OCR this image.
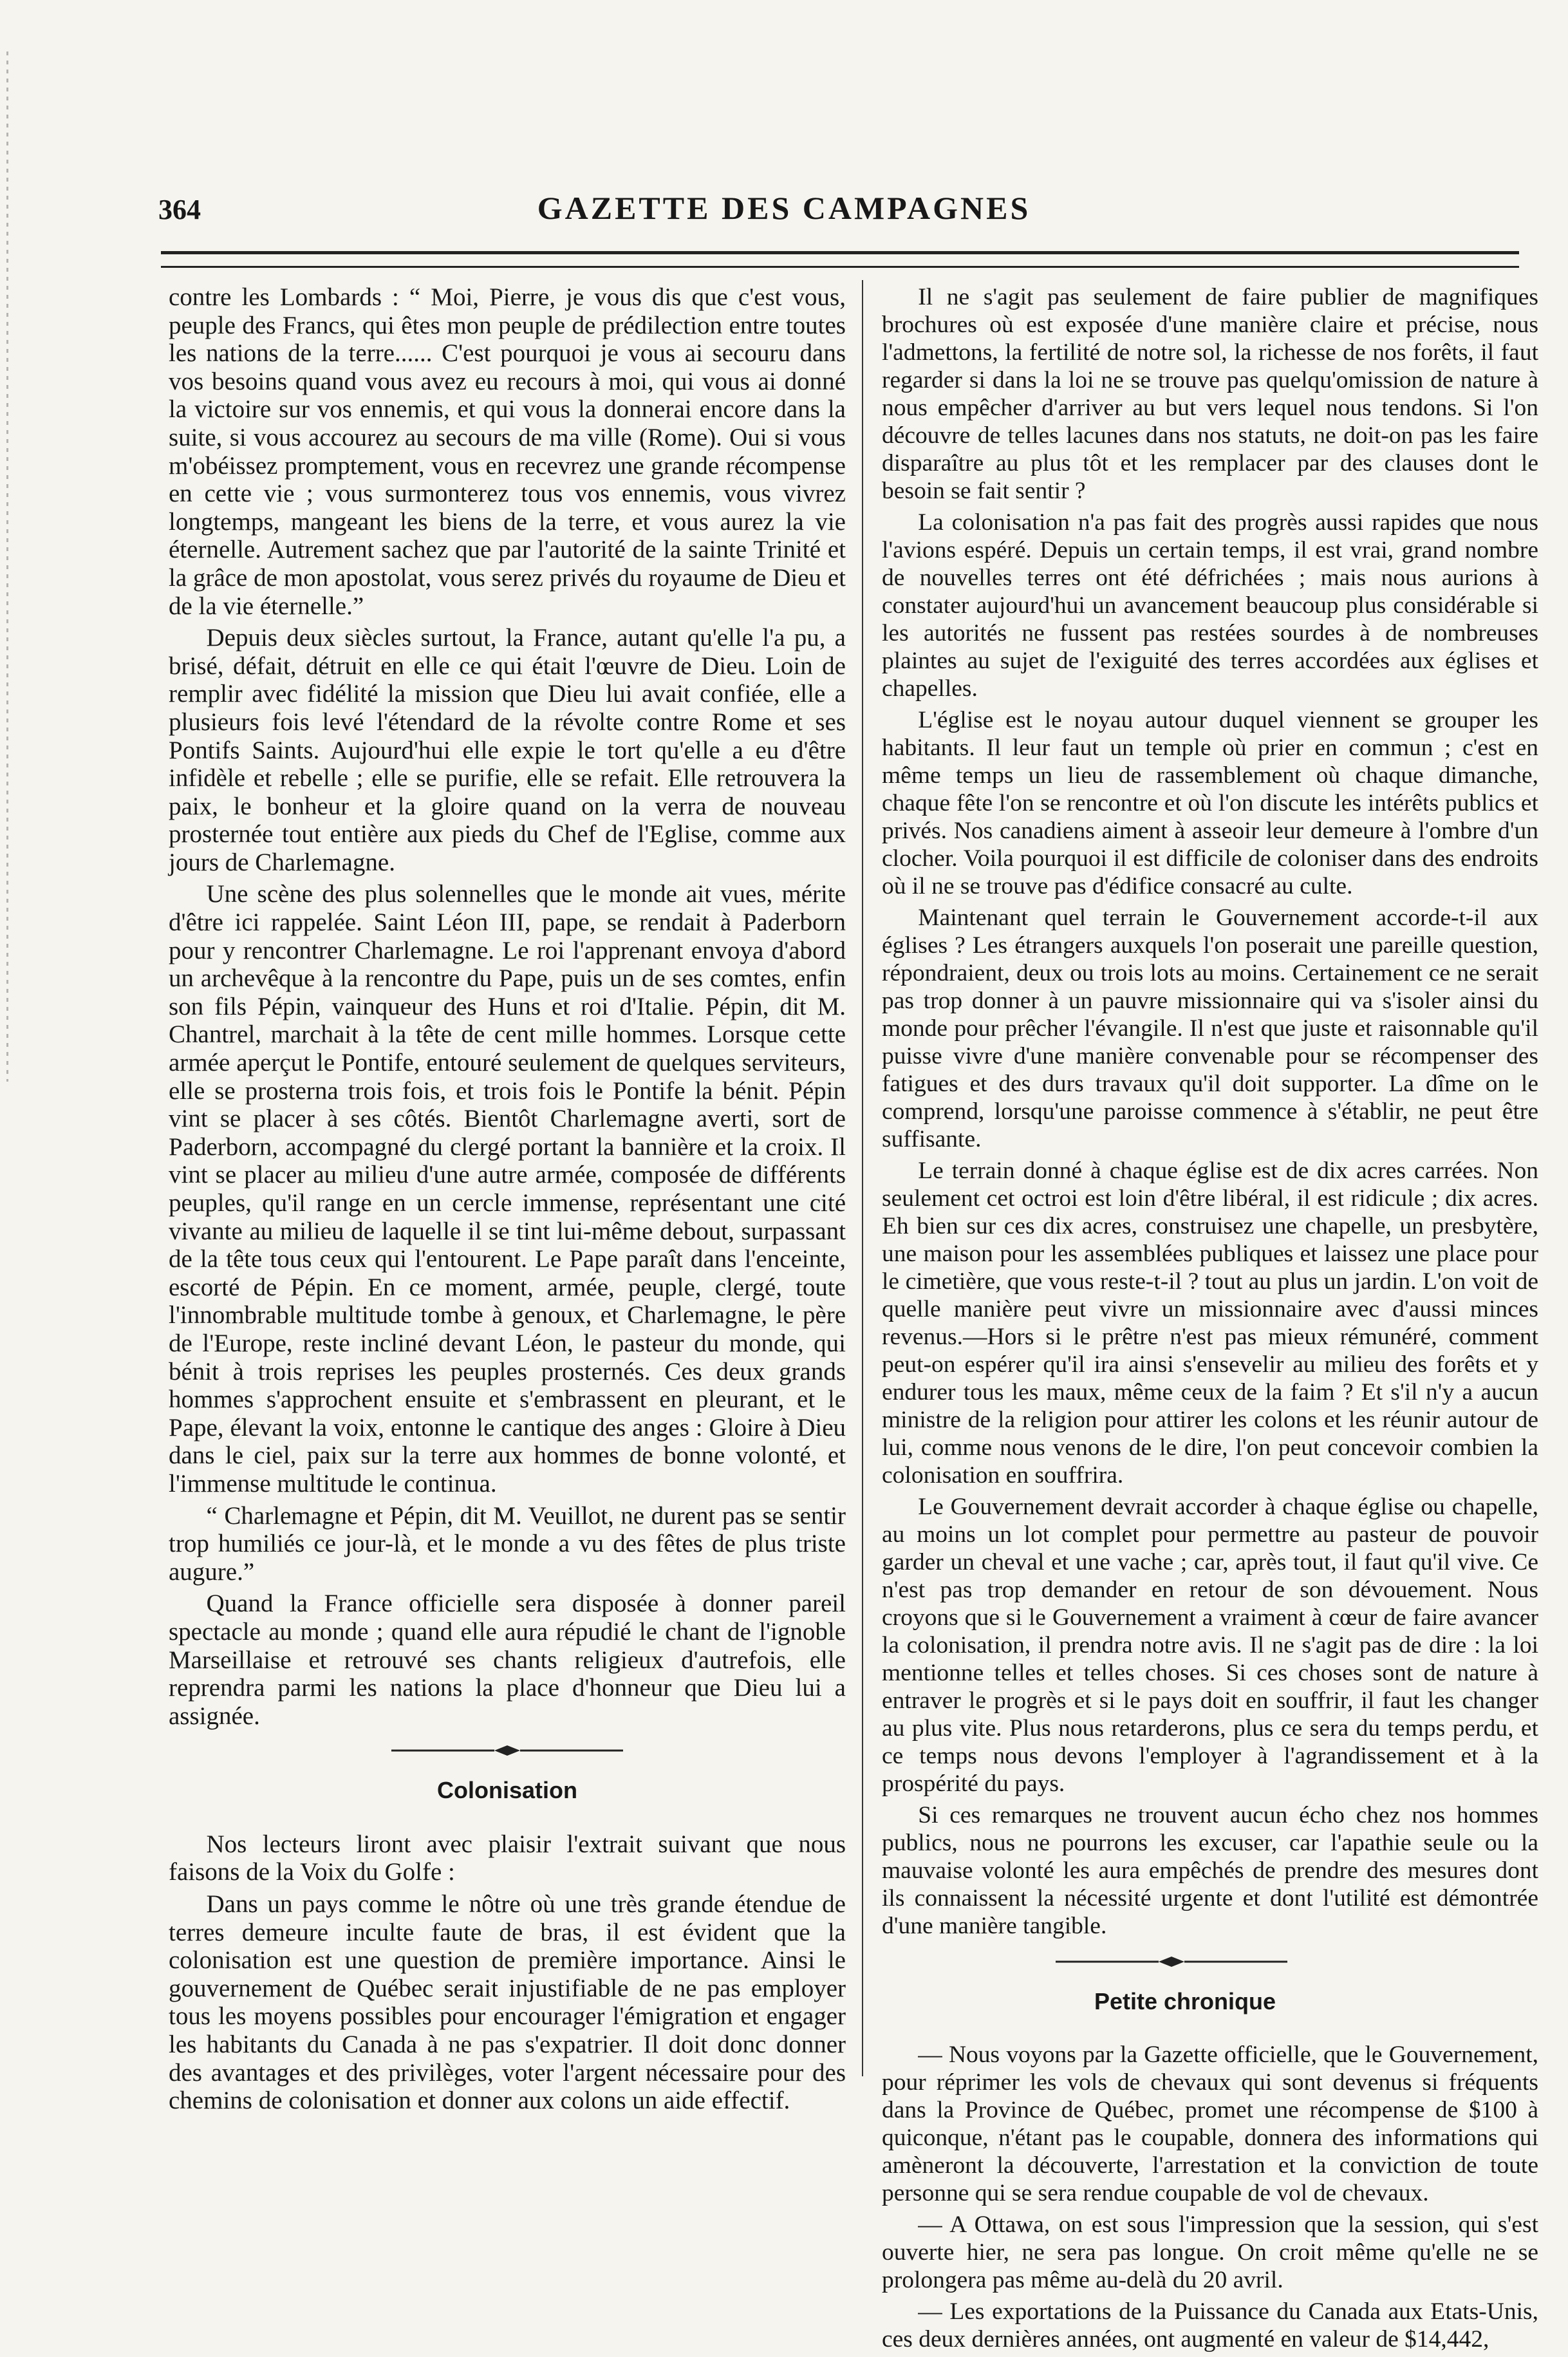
364	GAZETTE DES CAMPAGNES

contre les Lombards : “ Moi, Pierre, je vous dis que c'est vous, peuple des Francs, qui êtes mon peuple de prédilection entre toutes les nations de la terre...... C'est pourquoi je vous ai secouru dans vos besoins quand vous avez eu recours à moi, qui vous ai donné la victoire sur vos ennemis, et qui vous la donnerai encore dans la suite, si vous accourez au secours de ma ville (Rome). Oui si vous m'obéissez promptement, vous en recevrez une grande récompense en cette vie ; vous surmonterez tous vos ennemis, vous vivrez longtemps, mangeant les biens de la terre, et vous aurez la vie éternelle. Autrement sachez que par l'autorité de la sainte Trinité et la grâce de mon apostolat, vous serez privés du royaume de Dieu et de la vie éternelle.”

Depuis deux siècles surtout, la France, autant qu'elle l'a pu, a brisé, défait, détruit en elle ce qui était l'œuvre de Dieu. Loin de remplir avec fidélité la mission que Dieu lui avait confiée, elle a plusieurs fois levé l'étendard de la révolte contre Rome et ses Pontifs Saints. Aujourd'hui elle expie le tort qu'elle a eu d'être infidèle et rebelle ; elle se purifie, elle se refait. Elle retrouvera la paix, le bonheur et la gloire quand on la verra de nouveau prosternée tout entière aux pieds du Chef de l'Eglise, comme aux jours de Charlemagne.

Une scène des plus solennelles que le monde ait vues, mérite d'être ici rappelée. Saint Léon III, pape, se rendait à Paderborn pour y rencontrer Charlemagne. Le roi l'apprenant envoya d'abord un archevêque à la rencontre du Pape, puis un de ses comtes, enfin son fils Pépin, vainqueur des Huns et roi d'Italie. Pépin, dit M. Chantrel, marchait à la tête de cent mille hommes. Lorsque cette armée aperçut le Pontife, entouré seulement de quelques serviteurs, elle se prosterna trois fois, et trois fois le Pontife la bénit. Pépin vint se placer à ses côtés. Bientôt Charlemagne averti, sort de Paderborn, accompagné du clergé portant la bannière et la croix. Il vint se placer au milieu d'une autre armée, composée de différents peuples, qu'il range en un cercle immense, représentant une cité vivante au milieu de laquelle il se tint lui-même debout, surpassant de la tête tous ceux qui l'entourent. Le Pape paraît dans l'enceinte, escorté de Pépin. En ce moment, armée, peuple, clergé, toute l'innombrable multitude tombe à genoux, et Charlemagne, le père de l'Europe, reste incliné devant Léon, le pasteur du monde, qui bénit à trois reprises les peuples prosternés. Ces deux grands hommes s'approchent ensuite et s'embrassent en pleurant, et le Pape, élevant la voix, entonne le cantique des anges : Gloire à Dieu dans le ciel, paix sur la terre aux hommes de bonne volonté, et l'immense multitude le continua.

“ Charlemagne et Pépin, dit M. Veuillot, ne durent pas se sentir trop humiliés ce jour-là, et le monde a vu des fêtes de plus triste augure.”

Quand la France officielle sera disposée à donner pareil spectacle au monde ; quand elle aura répudié le chant de l'ignoble Marseillaise et retrouvé ses chants religieux d'autrefois, elle reprendra parmi les nations la place d'honneur que Dieu lui a assignée.

Colonisation

Nos lecteurs liront avec plaisir l'extrait suivant que nous faisons de la Voix du Golfe :

Dans un pays comme le nôtre où une très grande étendue de terres demeure inculte faute de bras, il est évident que la colonisation est une question de première importance. Ainsi le gouvernement de Québec serait injustifiable de ne pas employer tous les moyens possibles pour encourager l'émigration et engager les habitants du Canada à ne pas s'expatrier. Il doit donc donner des avantages et des privilèges, voter l'argent nécessaire pour des chemins de colonisation et donner aux colons un aide effectif.

Il ne s'agit pas seulement de faire publier de magnifiques brochures où est exposée d'une manière claire et précise, nous l'admettons, la fertilité de notre sol, la richesse de nos forêts, il faut regarder si dans la loi ne se trouve pas quelqu'omission de nature à nous empêcher d'arriver au but vers lequel nous tendons. Si l'on découvre de telles lacunes dans nos statuts, ne doit-on pas les faire disparaître au plus tôt et les remplacer par des clauses dont le besoin se fait sentir ?

La colonisation n'a pas fait des progrès aussi rapides que nous l'avions espéré. Depuis un certain temps, il est vrai, grand nombre de nouvelles terres ont été défrichées ; mais nous aurions à constater aujourd'hui un avancement beaucoup plus considérable si les autorités ne fussent pas restées sourdes à de nombreuses plaintes au sujet de l'exiguité des terres accordées aux églises et chapelles.

L'église est le noyau autour duquel viennent se grouper les habitants. Il leur faut un temple où prier en commun ; c'est en même temps un lieu de rassemblement où chaque dimanche, chaque fête l'on se rencontre et où l'on discute les intérêts publics et privés. Nos canadiens aiment à asseoir leur demeure à l'ombre d'un clocher. Voila pourquoi il est difficile de coloniser dans des endroits où il ne se trouve pas d'édifice consacré au culte.

Maintenant quel terrain le Gouvernement accorde-t-il aux églises ? Les étrangers auxquels l'on poserait une pareille question, répondraient, deux ou trois lots au moins. Certainement ce ne serait pas trop donner à un pauvre missionnaire qui va s'isoler ainsi du monde pour prêcher l'évangile. Il n'est que juste et raisonnable qu'il puisse vivre d'une manière convenable pour se récompenser des fatigues et des durs travaux qu'il doit supporter. La dîme on le comprend, lorsqu'une paroisse commence à s'établir, ne peut être suffisante.

Le terrain donné à chaque église est de dix acres carrées. Non seulement cet octroi est loin d'être libéral, il est ridicule ; dix acres. Eh bien sur ces dix acres, construisez une chapelle, un presbytère, une maison pour les assemblées publiques et laissez une place pour le cimetière, que vous reste-t-il ? tout au plus un jardin. L'on voit de quelle manière peut vivre un missionnaire avec d'aussi minces revenus.—Hors si le prêtre n'est pas mieux rémunéré, comment peut-on espérer qu'il ira ainsi s'ensevelir au milieu des forêts et y endurer tous les maux, même ceux de la faim ? Et s'il n'y a aucun ministre de la religion pour attirer les colons et les réunir autour de lui, comme nous venons de le dire, l'on peut concevoir combien la colonisation en souffrira.

Le Gouvernement devrait accorder à chaque église ou chapelle, au moins un lot complet pour permettre au pasteur de pouvoir garder un cheval et une vache ; car, après tout, il faut qu'il vive. Ce n'est pas trop demander en retour de son dévouement. Nous croyons que si le Gouvernement a vraiment à cœur de faire avancer la colonisation, il prendra notre avis. Il ne s'agit pas de dire : la loi mentionne telles et telles choses. Si ces choses sont de nature à entraver le progrès et si le pays doit en souffrir, il faut les changer au plus vite. Plus nous retarderons, plus ce sera du temps perdu, et ce temps nous devons l'employer à l'agrandissement et à la prospérité du pays.

Si ces remarques ne trouvent aucun écho chez nos hommes publics, nous ne pourrons les excuser, car l'apathie seule ou la mauvaise volonté les aura empêchés de prendre des mesures dont ils connaissent la nécessité urgente et dont l'utilité est démontrée d'une manière tangible.

Petite chronique

— Nous voyons par la Gazette officielle, que le Gouvernement, pour réprimer les vols de chevaux qui sont devenus si fréquents dans la Province de Québec, promet une récompense de $100 à quiconque, n'étant pas le coupable, donnera des informations qui amèneront la découverte, l'arrestation et la conviction de toute personne qui se sera rendue coupable de vol de chevaux.

— A Ottawa, on est sous l'impression que la session, qui s'est ouverte hier, ne sera pas longue. On croit même qu'elle ne se prolongera pas même au-delà du 20 avril.

— Les exportations de la Puissance du Canada aux Etats-Unis, ces deux dernières années, ont augmenté en valeur de $14,442,
